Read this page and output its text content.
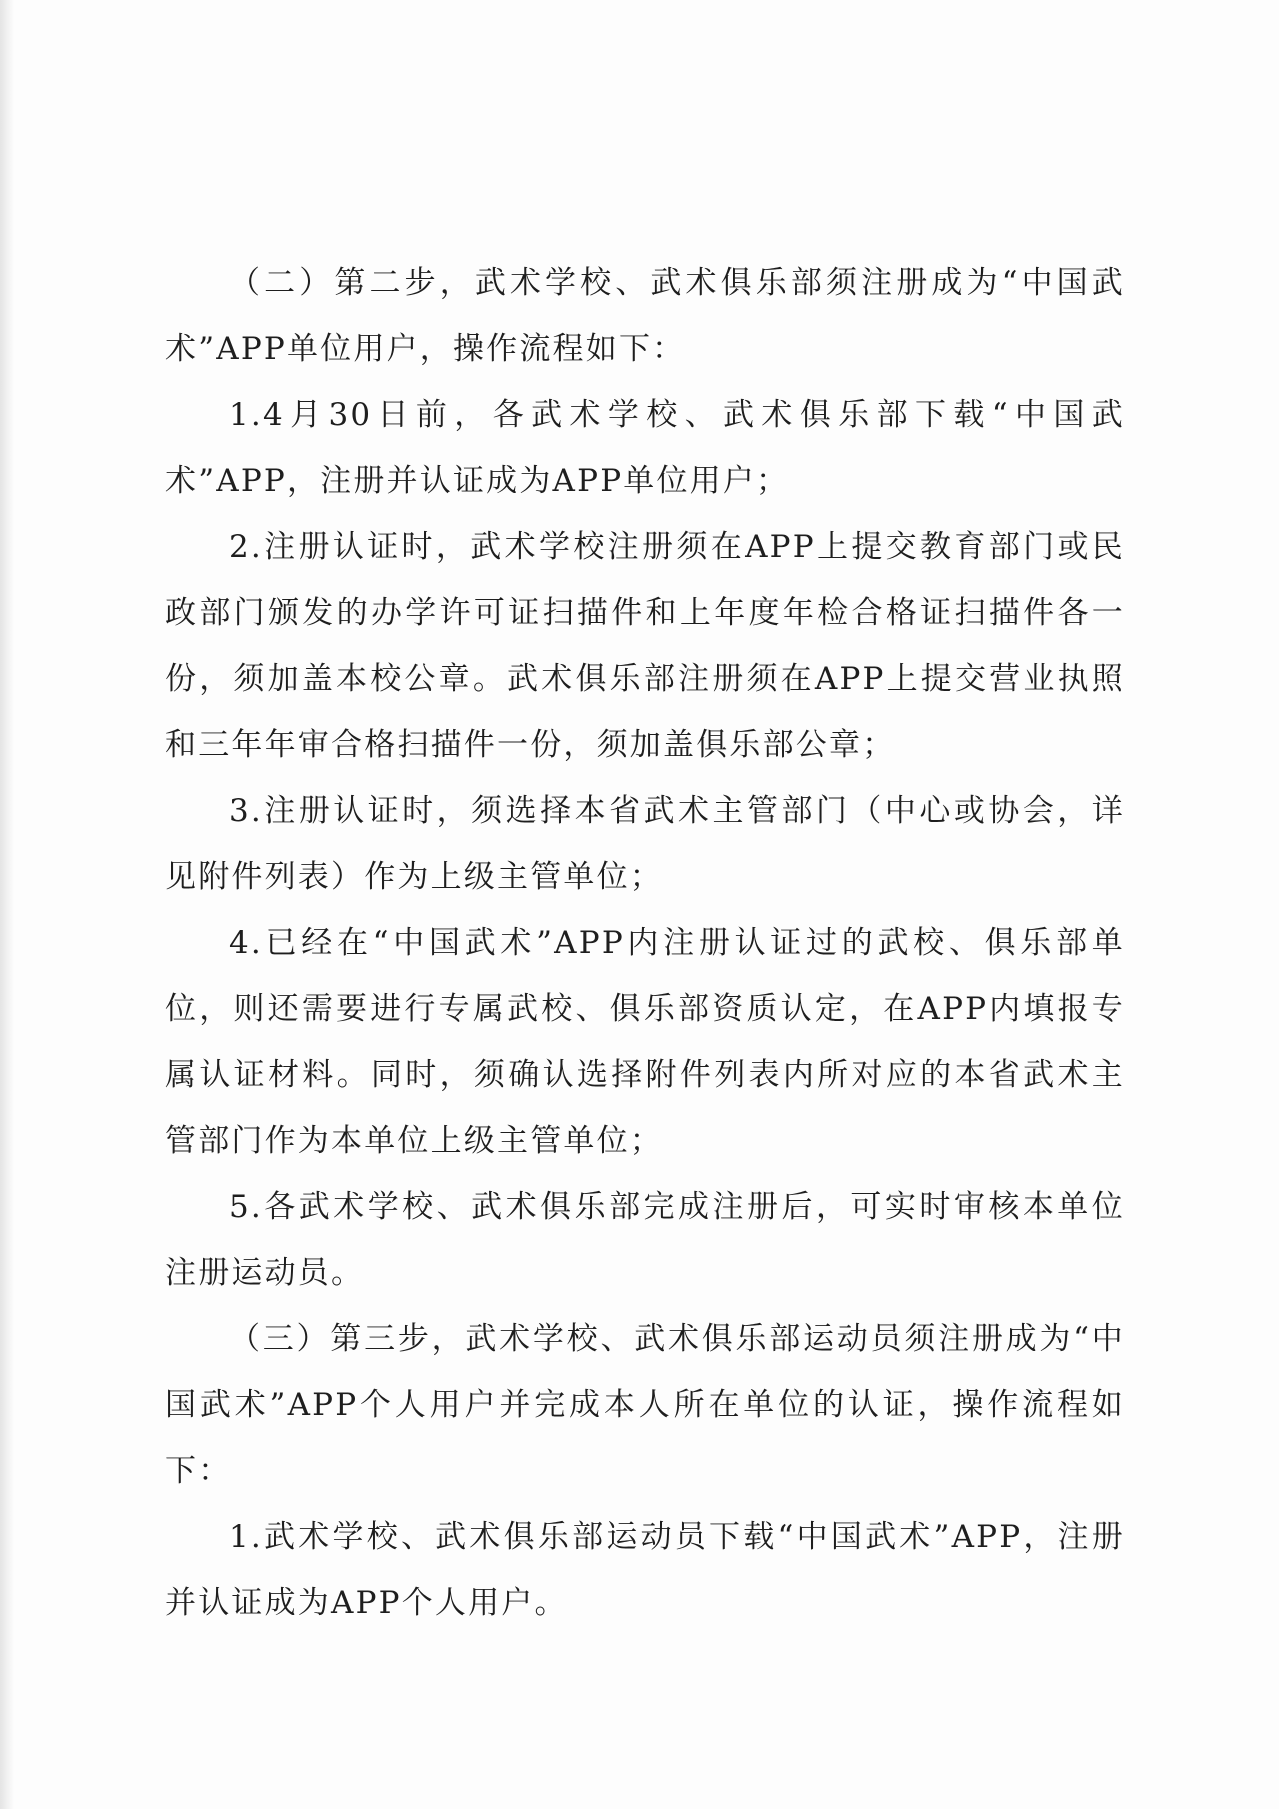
（二）第二步，武术学校、武术俱乐部须注册成为“中国武术”APP单位用户，操作流程如下：

1.4月30日前，各武术学校、武术俱乐部下载“中国武术”APP，注册并认证成为APP单位用户；

2.注册认证时，武术学校注册须在APP上提交教育部门或民政部门颁发的办学许可证扫描件和上年度年检合格证扫描件各一份，须加盖本校公章。武术俱乐部注册须在APP上提交营业执照和三年年审合格扫描件一份，须加盖俱乐部公章；

3.注册认证时，须选择本省武术主管部门（中心或协会，详见附件列表）作为上级主管单位；

4.已经在“中国武术”APP内注册认证过的武校、俱乐部单位，则还需要进行专属武校、俱乐部资质认定，在APP内填报专属认证材料。同时，须确认选择附件列表内所对应的本省武术主管部门作为本单位上级主管单位；

5.各武术学校、武术俱乐部完成注册后，可实时审核本单位注册运动员。

（三）第三步，武术学校、武术俱乐部运动员须注册成为“中国武术”APP个人用户并完成本人所在单位的认证，操作流程如下：

1.武术学校、武术俱乐部运动员下载“中国武术”APP，注册并认证成为APP个人用户。
